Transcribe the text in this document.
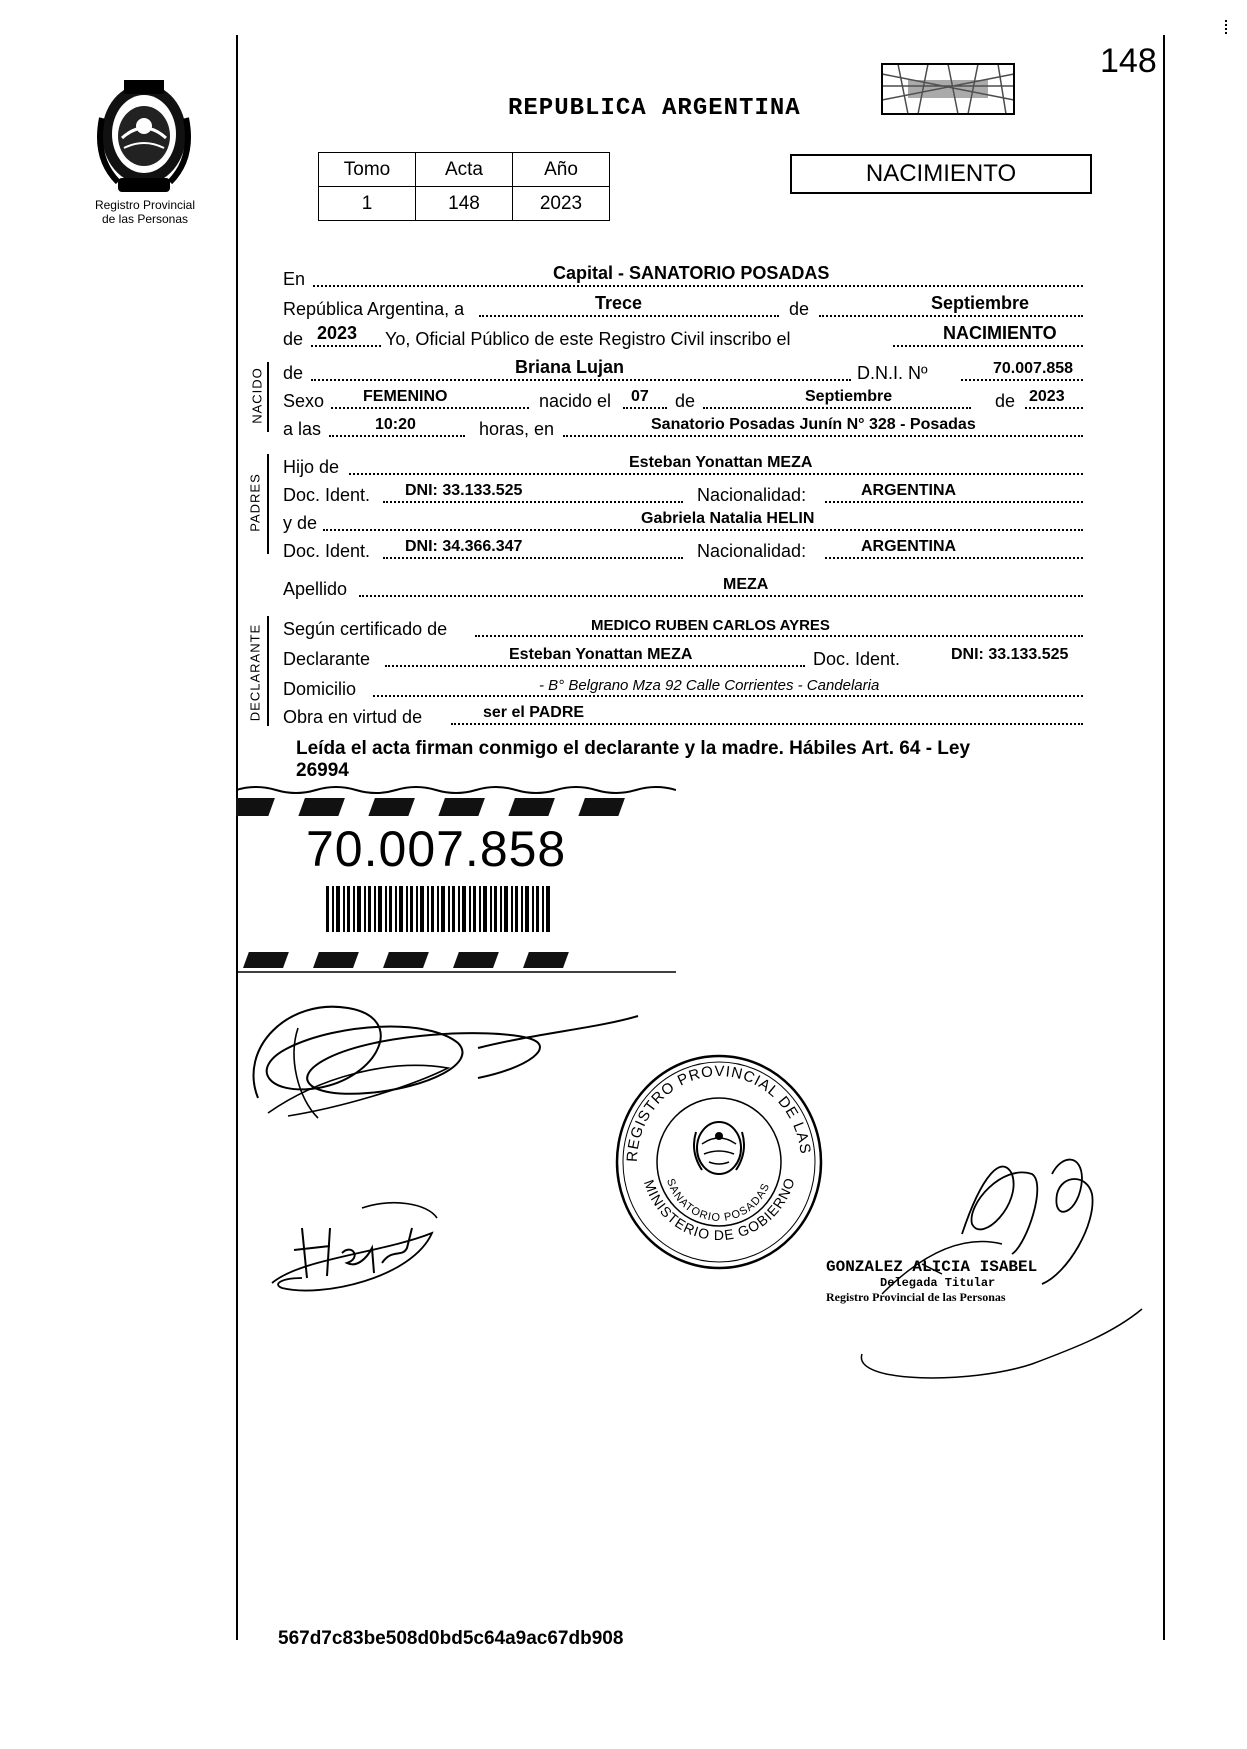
148
Registro Provincial
de las Personas
REPUBLICA ARGENTINA
Tomo	Acta	Año
1	148	2023
NACIMIENTO
NACIDO
PADRES
DECLARANTE
En	Capital - SANATORIO POSADAS
República Argentina, a	Trece	de	Septiembre
de 2023 Yo, Oficial Público de este Registro Civil inscribo el	NACIMIENTO
de	Briana Lujan	D.N.I. Nº	70.007.858
Sexo FEMENINO	nacido el 07 de	Septiembre	de 2023
a las	10:20	horas, en	Sanatorio Posadas Junín N° 328 - Posadas
Hijo de	Esteban Yonattan MEZA
Doc. Ident. DNI: 33.133.525	Nacionalidad:	ARGENTINA
y de	Gabriela Natalia HELIN
Doc. Ident. DNI: 34.366.347	Nacionalidad:	ARGENTINA
Apellido	MEZA
Según certificado de	MEDICO RUBEN CARLOS AYRES
Declarante	Esteban Yonattan MEZA	Doc. Ident.	DNI: 33.133.525
Domicilio	- B° Belgrano Mza 92 Calle Corrientes - Candelaria
Obra en virtud de	ser el PADRE
Leída el acta firman conmigo el declarante y la madre. Hábiles Art. 64 - Ley
26994
70.007.858
REGISTRO PROVINCIAL DE LAS
SANATORIO POSADAS
MINISTERIO DE GOBIERNO
GONZALEZ ALICIA ISABEL
Delegada Titular
Registro Provincial de las Personas
567d7c83be508d0bd5c64a9ac67db908
